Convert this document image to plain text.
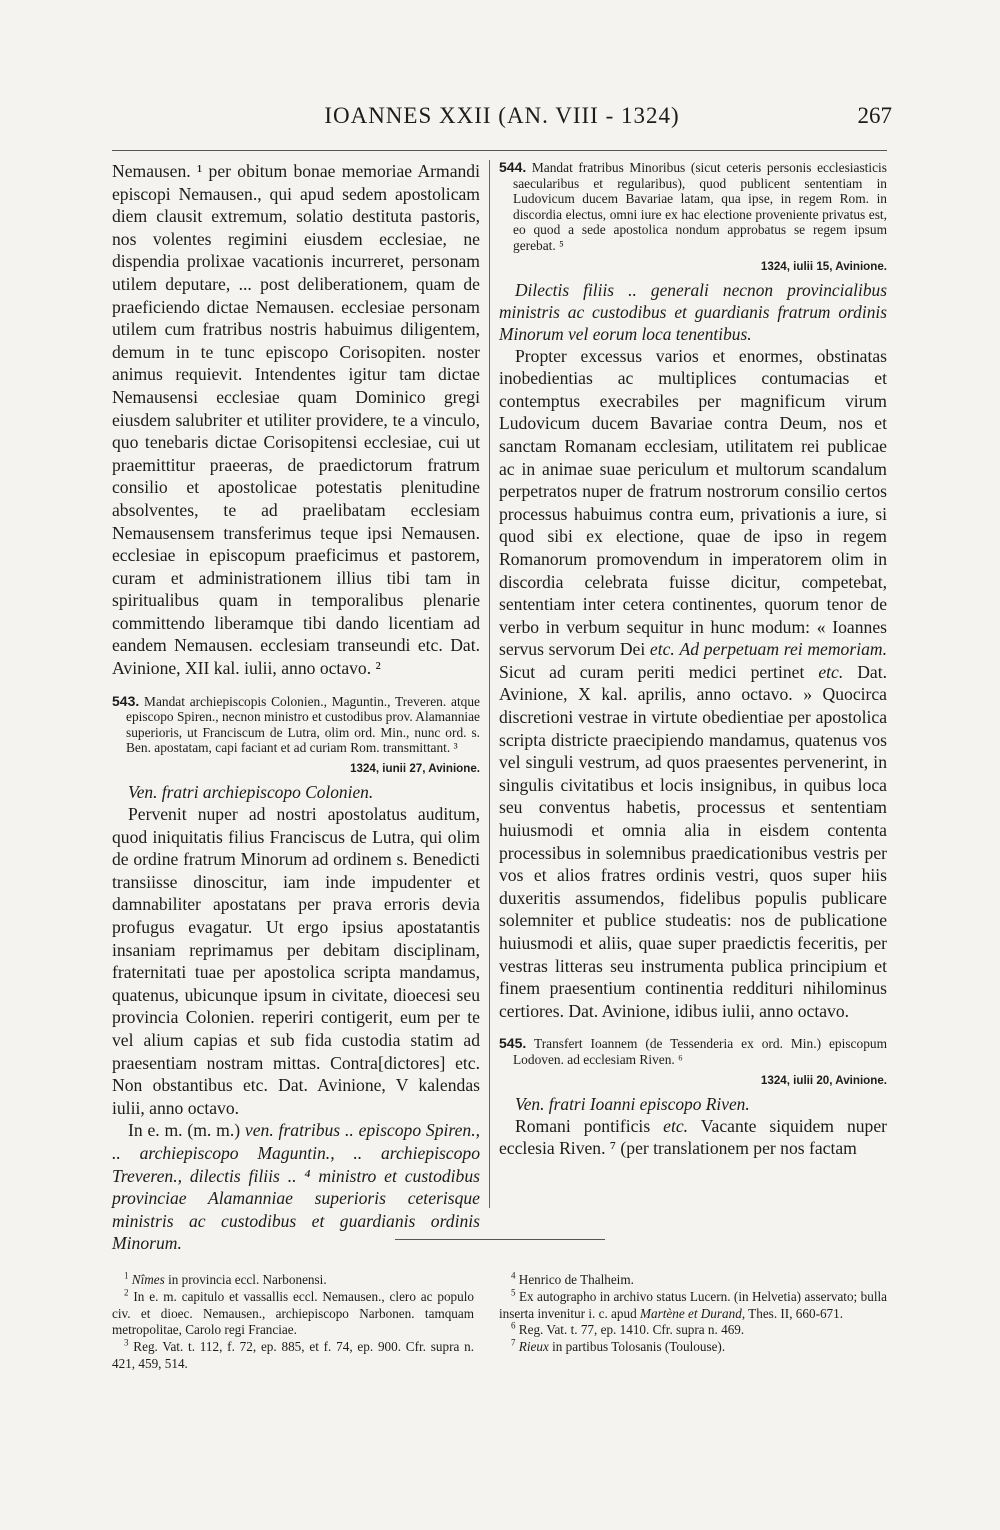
IOANNES XXII (AN. VIII - 1324)	267

Nemausen. ¹ per obitum bonae memoriae Armandi episcopi Nemausen., qui apud sedem apostolicam diem clausit extremum, solatio destituta pastoris, nos volentes regimini eiusdem ecclesiae, ne dispendia prolixae vacationis incurreret, personam utilem deputare, ... post deliberationem, quam de praeficiendo dictae Nemausen. ecclesiae personam utilem cum fratribus nostris habuimus diligentem, demum in te tunc episcopo Corisopiten. noster animus requievit. Intendentes igitur tam dictae Nemausensi ecclesiae quam Dominico gregi eiusdem salubriter et utiliter providere, te a vinculo, quo tenebaris dictae Corisopitensi ecclesiae, cui ut praemittitur praeeras, de praedictorum fratrum consilio et apostolicae potestatis plenitudine absolventes, te ad praelibatam ecclesiam Nemausensem transferimus teque ipsi Nemausen. ecclesiae in episcopum praeficimus et pastorem, curam et administrationem illius tibi tam in spiritualibus quam in temporalibus plenarie committendo liberamque tibi dando licentiam ad eandem Nemausen. ecclesiam transeundi etc. Dat. Avinione, XII kal. iulii, anno octavo. ²

543. Mandat archiepiscopis Colonien., Maguntin., Treveren. atque episcopo Spiren., necnon ministro et custodibus prov. Alamanniae superioris, ut Franciscum de Lutra, olim ord. Min., nunc ord. s. Ben. apostatam, capi faciant et ad curiam Rom. transmittant. ³

1324, iunii 27, Avinione.

Ven. fratri archiepiscopo Colonien.

Pervenit nuper ad nostri apostolatus auditum, quod iniquitatis filius Franciscus de Lutra, qui olim de ordine fratrum Minorum ad ordinem s. Benedicti transiisse dinoscitur, iam inde impudenter et damnabiliter apostatans per prava erroris devia profugus evagatur. Ut ergo ipsius apostatantis insaniam reprimamus per debitam disciplinam, fraternitati tuae per apostolica scripta mandamus, quatenus, ubicunque ipsum in civitate, dioecesi seu provincia Colonien. reperiri contigerit, eum per te vel alium capias et sub fida custodia statim ad praesentiam nostram mittas. Contra[dictores] etc. Non obstantibus etc. Dat. Avinione, V kalendas iulii, anno octavo.

In e. m. (m. m.) ven. fratribus .. episcopo Spiren., .. archiepiscopo Maguntin., .. archiepiscopo Treveren., dilectis filiis .. ⁴ ministro et custodibus provinciae Alamanniae superioris ceterisque ministris ac custodibus et guardianis ordinis Minorum.

544. Mandat fratribus Minoribus (sicut ceteris personis ecclesiasticis saecularibus et regularibus), quod publicent sententiam in Ludovicum ducem Bavariae latam, qua ipse, in regem Rom. in discordia electus, omni iure ex hac electione proveniente privatus est, eo quod a sede apostolica nondum approbatus se regem ipsum gerebat. ⁵

1324, iulii 15, Avinione.

Dilectis filiis .. generali necnon provincialibus ministris ac custodibus et guardianis fratrum ordinis Minorum vel eorum loca tenentibus.

Propter excessus varios et enormes, obstinatas inobedientias ac multiplices contumacias et contemptus execrabiles per magnificum virum Ludovicum ducem Bavariae contra Deum, nos et sanctam Romanam ecclesiam, utilitatem rei publicae ac in animae suae periculum et multorum scandalum perpetratos nuper de fratrum nostrorum consilio certos processus habuimus contra eum, privationis a iure, si quod sibi ex electione, quae de ipso in regem Romanorum promovendum in imperatorem olim in discordia celebrata fuisse dicitur, competebat, sententiam inter cetera continentes, quorum tenor de verbo in verbum sequitur in hunc modum: « Ioannes servus servorum Dei etc. Ad perpetuam rei memoriam. Sicut ad curam periti medici pertinet etc. Dat. Avinione, X kal. aprilis, anno octavo. » Quocirca discretioni vestrae in virtute obedientiae per apostolica scripta districte praecipiendo mandamus, quatenus vos vel singuli vestrum, ad quos praesentes pervenerint, in singulis civitatibus et locis insignibus, in quibus loca seu conventus habetis, processus et sententiam huiusmodi et omnia alia in eisdem contenta processibus in solemnibus praedicationibus vestris per vos et alios fratres ordinis vestri, quos super hiis duxeritis assumendos, fidelibus populis publicare solemniter et publice studeatis: nos de publicatione huiusmodi et aliis, quae super praedictis feceritis, per vestras litteras seu instrumenta publica principium et finem praesentium continentia reddituri nihilominus certiores. Dat. Avinione, idibus iulii, anno octavo.

545. Transfert Ioannem (de Tessenderia ex ord. Min.) episcopum Lodoven. ad ecclesiam Riven. ⁶

1324, iulii 20, Avinione.

Ven. fratri Ioanni episcopo Riven.

Romani pontificis etc. Vacante siquidem nuper ecclesia Riven. ⁷ (per translationem per nos factam

$^1$ Nîmes in provincia eccl. Narbonensi.

$^2$ In e. m. capitulo et vassallis eccl. Nemausen., clero ac populo civ. et dioec. Nemausen., archiepiscopo Narbonen. tamquam metropolitae, Carolo regi Franciae.

$^3$ Reg. Vat. t. 112, f. 72, ep. 885, et f. 74, ep. 900. Cfr. supra n. 421, 459, 514.

$^4$ Henrico de Thalheim.

$^5$ Ex autographo in archivo status Lucern. (in Helvetia) asservato; bulla inserta invenitur i. c. apud Martène et Durand, Thes. II, 660-671.

$^6$ Reg. Vat. t. 77, ep. 1410. Cfr. supra n. 469.

$^7$ Rieux in partibus Tolosanis (Toulouse).
